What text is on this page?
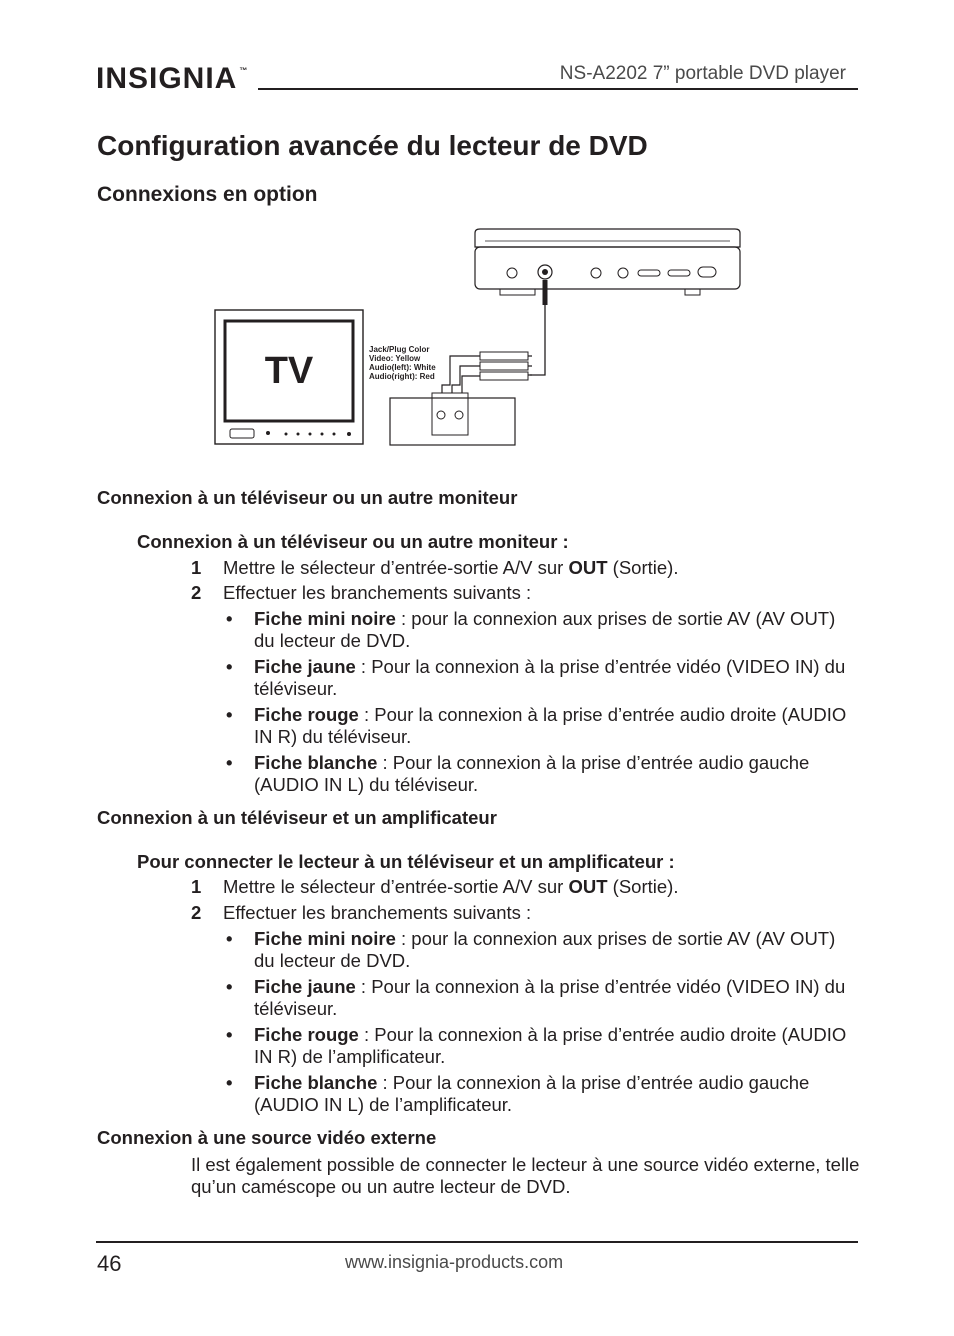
INSIGNIA ™	NS-A2202 7” portable DVD player
Configuration avancée du lecteur de DVD
Connexions en option
TV
Jack/Plug Color
Video: Yellow
Audio(left): White
Audio(right): Red
Connexion à un téléviseur ou un autre moniteur
Connexion à un téléviseur ou un autre moniteur :
1 Mettre le sélecteur d’entrée-sortie A/V sur OUT (Sortie).
2 Effectuer les branchements suivants :
• Fiche mini noire : pour la connexion aux prises de sortie AV (AV OUT) du lecteur de DVD.
• Fiche jaune : Pour la connexion à la prise d’entrée vidéo (VIDEO IN) du téléviseur.
• Fiche rouge : Pour la connexion à la prise d’entrée audio droite (AUDIO IN R) du téléviseur.
• Fiche blanche : Pour la connexion à la prise d’entrée audio gauche (AUDIO IN L) du téléviseur.
Connexion à un téléviseur et un amplificateur
Pour connecter le lecteur à un téléviseur et un amplificateur :
1 Mettre le sélecteur d’entrée-sortie A/V sur OUT (Sortie).
2 Effectuer les branchements suivants :
• Fiche mini noire : pour la connexion aux prises de sortie AV (AV OUT) du lecteur de DVD.
• Fiche jaune : Pour la connexion à la prise d’entrée vidéo (VIDEO IN) du téléviseur.
• Fiche rouge : Pour la connexion à la prise d’entrée audio droite (AUDIO IN R) de l’amplificateur.
• Fiche blanche : Pour la connexion à la prise d’entrée audio gauche (AUDIO IN L) de l’amplificateur.
Connexion à une source vidéo externe
Il est également possible de connecter le lecteur à une source vidéo externe, telle qu’un caméscope ou un autre lecteur de DVD.
46	www.insignia-products.com
